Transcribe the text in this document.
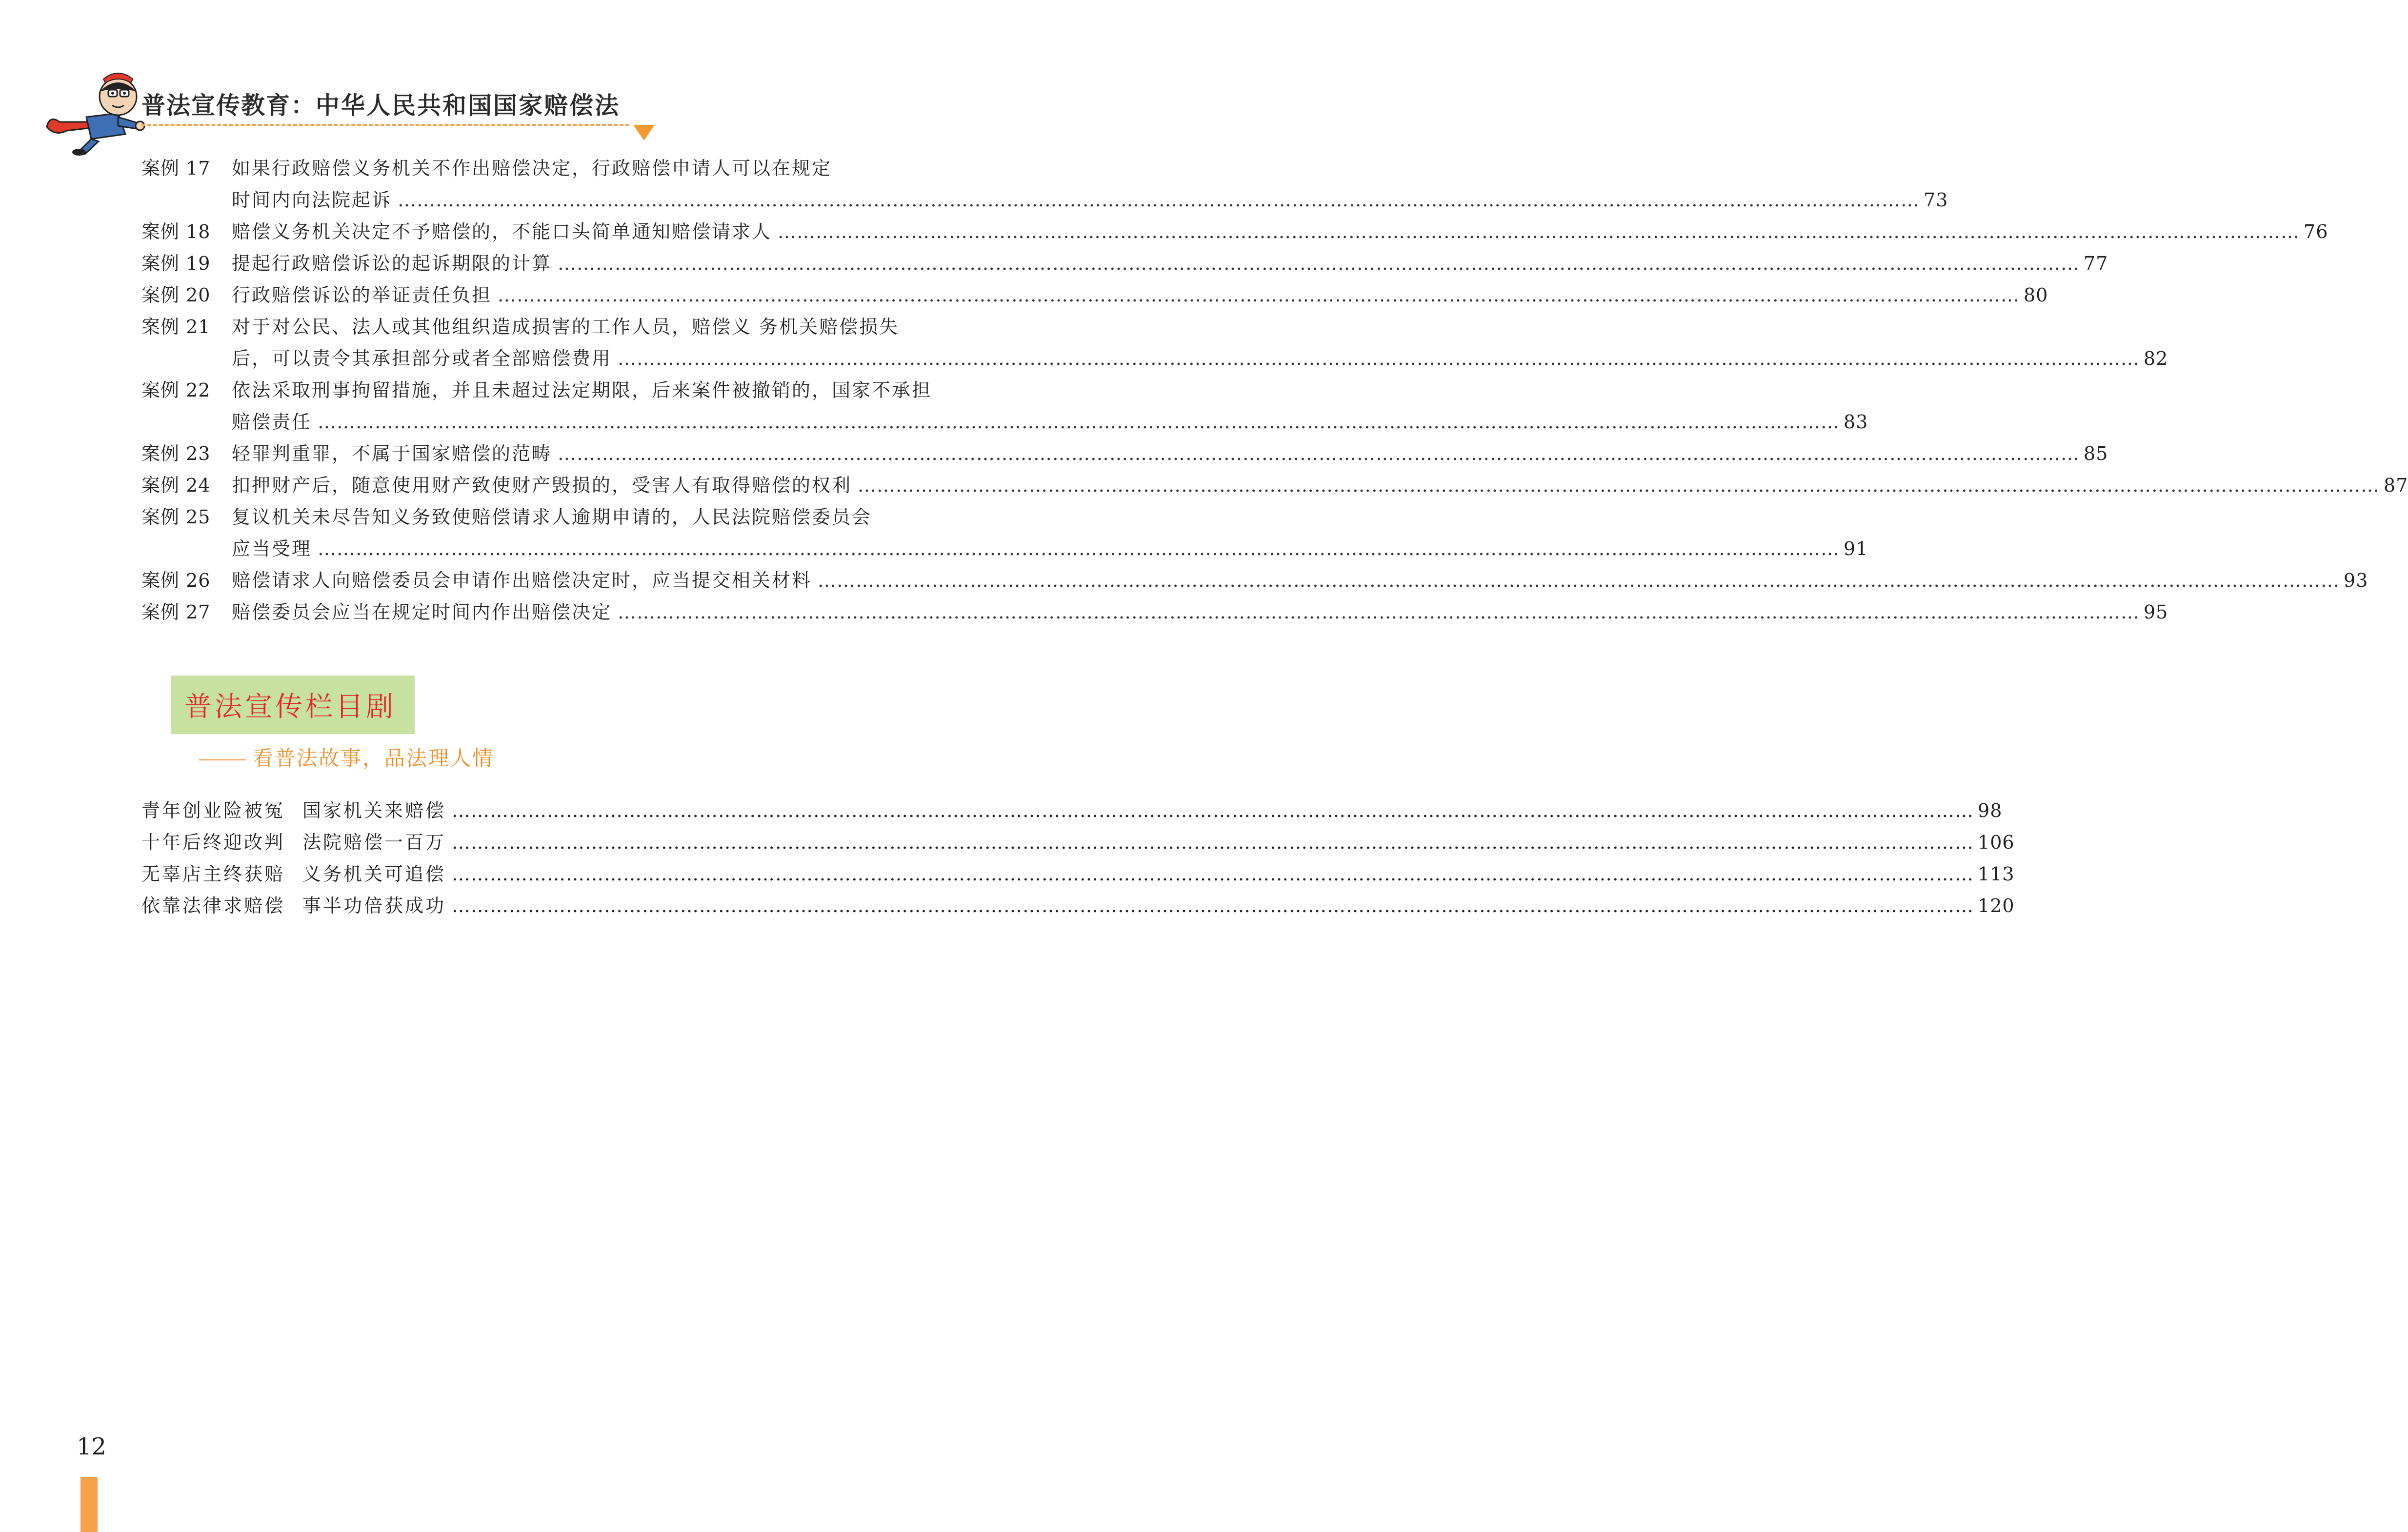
普法宣传教育：中华人民共和国国家赔偿法
案例 17	如果行政赔偿义务机关不作出赔偿决定，行政赔偿申请人可以在规定
时间内向法院起诉 …………………………………………………………………………………………………………………………………………………………………………………………………………………… 73
案例 18	赔偿义务机关决定不予赔偿的，不能口头简单通知赔偿请求人 …………………………………………………………………………………………………………………………………………………………………………………………………………………… 76
案例 19	提起行政赔偿诉讼的起诉期限的计算 …………………………………………………………………………………………………………………………………………………………………………………………………………………… 77
案例 20	行政赔偿诉讼的举证责任负担 …………………………………………………………………………………………………………………………………………………………………………………………………………………… 80
案例 21	对于对公民、法人或其他组织造成损害的工作人员，赔偿义 务机关赔偿损失
后，可以责令其承担部分或者全部赔偿费用 …………………………………………………………………………………………………………………………………………………………………………………………………………………… 82
案例 22	依法采取刑事拘留措施，并且未超过法定期限，后来案件被撤销的，国家不承担
赔偿责任 …………………………………………………………………………………………………………………………………………………………………………………………………………………… 83
案例 23	轻罪判重罪，不属于国家赔偿的范畴 …………………………………………………………………………………………………………………………………………………………………………………………………………………… 85
案例 24	扣押财产后，随意使用财产致使财产毁损的，受害人有取得赔偿的权利 …………………………………………………………………………………………………………………………………………………………………………………………………………………… 87
案例 25	复议机关未尽告知义务致使赔偿请求人逾期申请的，人民法院赔偿委员会
应当受理 …………………………………………………………………………………………………………………………………………………………………………………………………………………… 91
案例 26	赔偿请求人向赔偿委员会申请作出赔偿决定时，应当提交相关材料 …………………………………………………………………………………………………………………………………………………………………………………………………………………… 93
案例 27	赔偿委员会应当在规定时间内作出赔偿决定 …………………………………………………………………………………………………………………………………………………………………………………………………………………… 95
普法宣传栏目剧
看普法故事，品法理人情
青年创业险被冤 国家机关来赔偿 …………………………………………………………………………………………………………………………………………………………………………………………………………………… 98
十年后终迎改判 法院赔偿一百万 …………………………………………………………………………………………………………………………………………………………………………………………………………………… 106
无辜店主终获赔 义务机关可追偿 …………………………………………………………………………………………………………………………………………………………………………………………………………………… 113
依靠法律求赔偿 事半功倍获成功 …………………………………………………………………………………………………………………………………………………………………………………………………………………… 120
12
